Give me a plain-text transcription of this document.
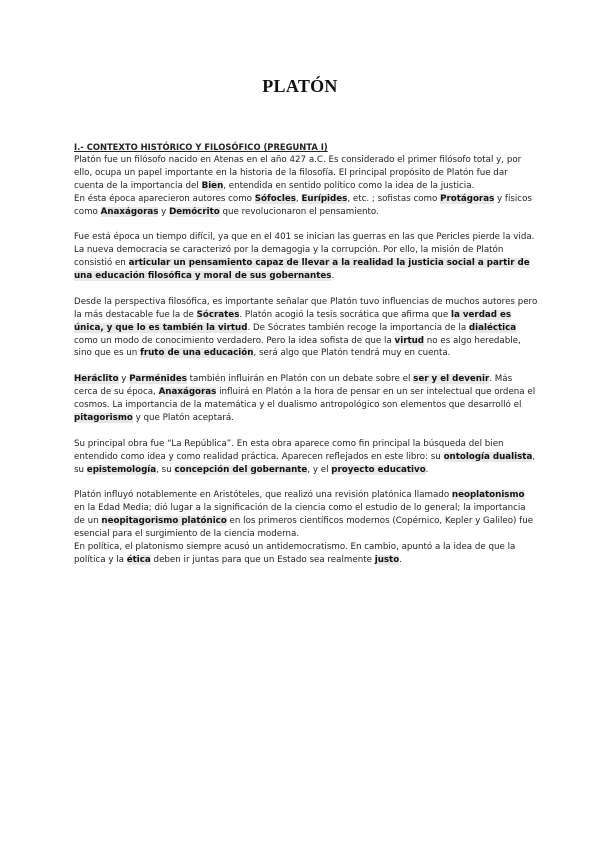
PLATÓN

I.- CONTEXTO HISTÓRICO Y FILOSÓFICO (PREGUNTA I)

Platón fue un filósofo nacido en Atenas en el año 427 a.C. Es considerado el primer filósofo total y, por ello, ocupa un papel importante en la historia de la filosofía. El principal propósito de Platón fue dar cuenta de la importancia del Bien, entendida en sentido político como la idea de la justicia.

En ésta época aparecieron autores como Sófocles, Eurípides, etc. ; sofistas como Protágoras y físicos como Anaxágoras y Demócrito que revolucionaron el pensamiento.

Fue está época un tiempo difícil, ya que en el 401 se inician las guerras en las que Pericles pierde la vida. La nueva democracia se caracterizó por la demagogia y la corrupción. Por ello, la misión de Platón consistió en articular un pensamiento capaz de llevar a la realidad la justicia social a partir de una educación filosófica y moral de sus gobernantes.

Desde la perspectiva filosófica, es importante señalar que Platón tuvo influencias de muchos autores pero la más destacable fue la de Sócrates. Platón acogió la tesis socrática que afirma que la verdad es única, y que lo es también la virtud. De Sócrates también recoge la importancia de la dialéctica como un modo de conocimiento verdadero. Pero la idea sofista de que la virtud no es algo heredable, sino que es un fruto de una educación, será algo que Platón tendrá muy en cuenta.

Heráclito y Parménides también influirán en Platón con un debate sobre el ser y el devenir. Más cerca de su época, Anaxágoras influirá en Platón a la hora de pensar en un ser intelectual que ordena el cosmos. La importancia de la matemática y el dualismo antropológico son elementos que desarrolló el pitagorismo y que Platón aceptará.

Su principal obra fue “La República”. En esta obra aparece como fin principal la búsqueda del bien entendido como idea y como realidad práctica. Aparecen reflejados en este libro: su ontología dualista, su epistemología, su concepción del gobernante, y el proyecto educativo.

Platón influyó notablemente en Aristóteles, que realizó una revisión platónica llamado neoplatonismo en la Edad Media; dió lugar a la significación de la ciencia como el estudio de lo general; la importancia de un neopitagorismo platónico en los primeros científicos modernos (Copérnico, Kepler y Galileo) fue esencial para el surgimiento de la ciencia moderna.

En política, el platonismo siempre acusó un antidemocratismo. En cambio, apuntó a la idea de que la política y la ética deben ir juntas para que un Estado sea realmente justo.
